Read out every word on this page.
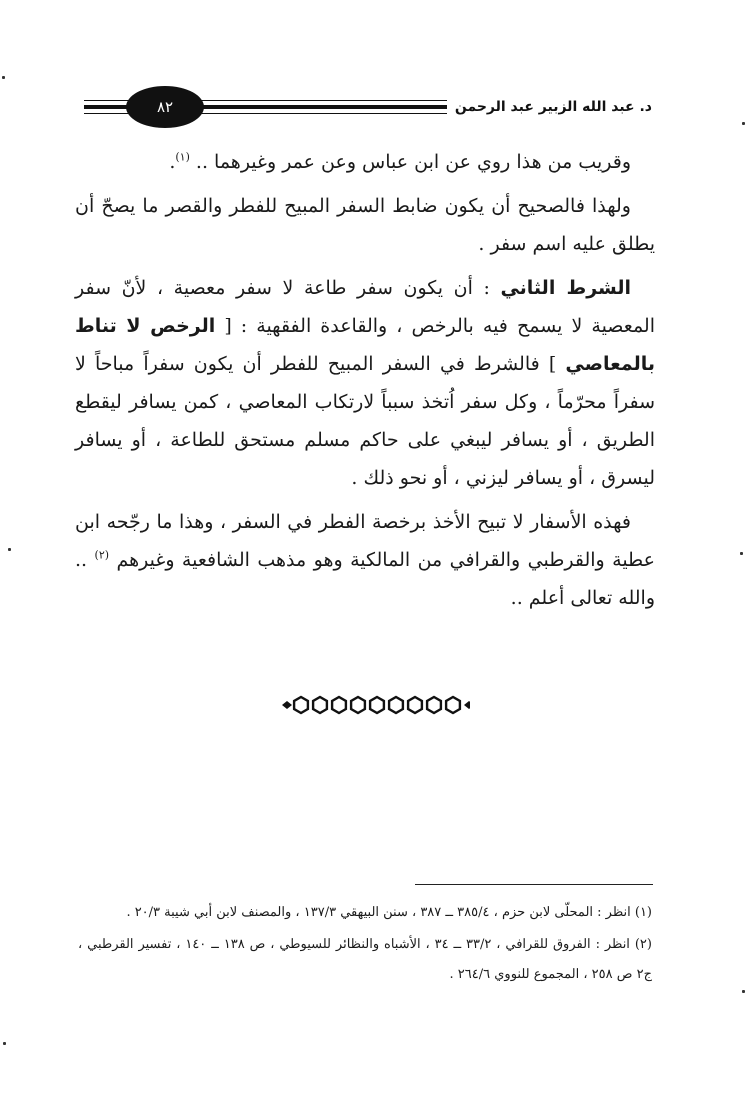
د. عبد الله الزبير عبد الرحمن
٨٢

وقريب من هذا روي عن ابن عباس وعن عمر وغيرهما .. $^{(١)}$.

ولهذا فالصحيح أن يكون ضابط السفر المبيح للفطر والقصر ما يصحّ أن يطلق عليه اسم سفر .

الشرط الثاني : أن يكون سفر طاعة لا سفر معصية ، لأنّ سفر المعصية لا يسمح فيه بالرخص ، والقاعدة الفقهية : [ الرخص لا تناط بالمعاصي ] فالشرط في السفر المبيح للفطر أن يكون سفراً مباحاً لا سفراً محرّماً ، وكل سفر اُتخذ سبباً لارتكاب المعاصي ، كمن يسافر ليقطع الطريق ، أو يسافر ليبغي على حاكم مسلم مستحق للطاعة ، أو يسافر ليسرق ، أو يسافر ليزني ، أو نحو ذلك .

فهذه الأسفار لا تبيح الأخذ برخصة الفطر في السفر ، وهذا ما رجّحه ابن عطية والقرطبي والقرافي من المالكية وهو مذهب الشافعية وغيرهم $^{(٢)}$ .. والله تعالى أعلم ..

(١) انظر : المحلّى لابن حزم ، ٣٨٥/٤ ــ ٣٨٧ ، سنن البيهقي ١٣٧/٣ ، والمصنف لابن أبي شيبة ٢٠/٣ .

(٢) انظر : الفروق للقرافي ، ٣٣/٢ ــ ٣٤ ، الأشباه والنظائر للسيوطي ، ص ١٣٨ ــ ١٤٠ ، تفسير القرطبي ، ج٢ ص ٢٥٨ ، المجموع للنووي ٢٦٤/٦ .
